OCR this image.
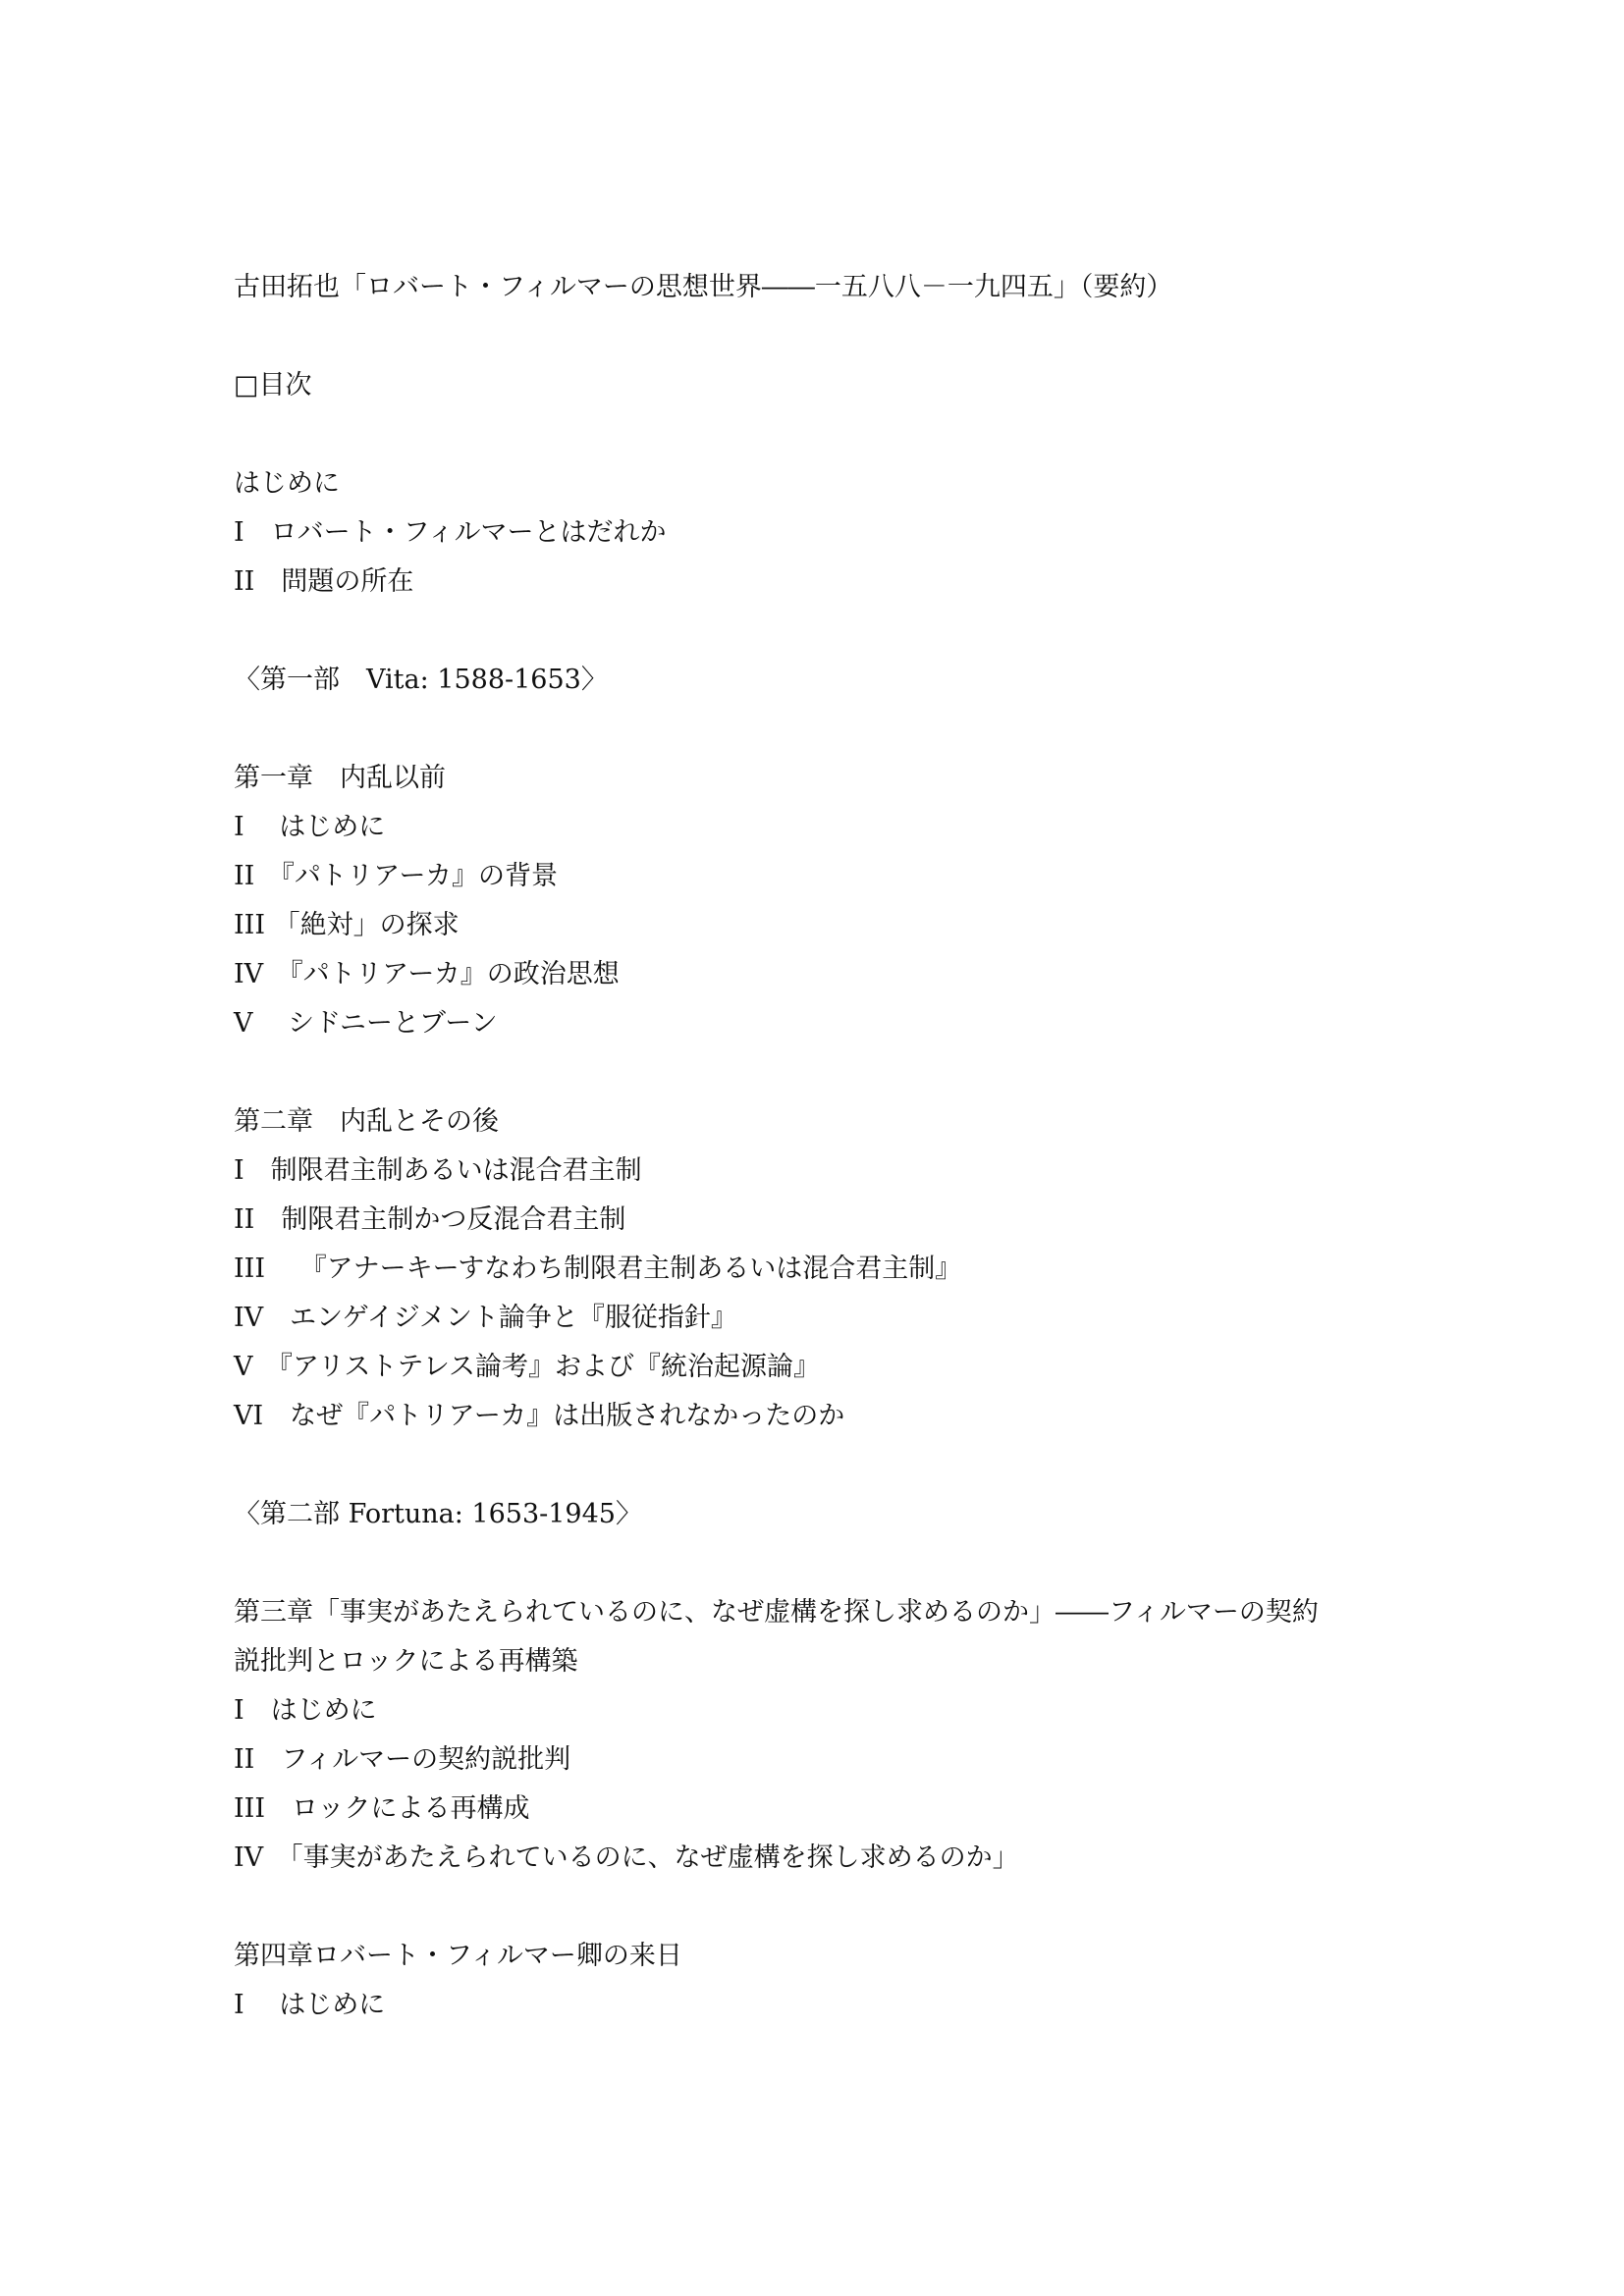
古田拓也「ロバート・フィルマーの思想世界――一五八八－一九四五」（要約）
□目次
はじめに
I　ロバート・フィルマーとはだれか
II　問題の所在
〈第一部　Vita: 1588-1653〉
第一章　内乱以前
I　 はじめに
II　『パトリアーカ』の背景
III 「絶対」の探求
IV　『パトリアーカ』の政治思想
V　 シドニーとブーン
第二章　内乱とその後
I　制限君主制あるいは混合君主制
II　制限君主制かつ反混合君主制
III　 『アナーキーすなわち制限君主制あるいは混合君主制』
IV　エンゲイジメント論争と『服従指針』
V　『アリストテレス論考』および『統治起源論』
VI　なぜ『パトリアーカ』は出版されなかったのか
〈第二部 Fortuna: 1653-1945〉
第三章「事実があたえられているのに、なぜ虚構を探し求めるのか」――フィルマーの契約
説批判とロックによる再構築
I　はじめに
II　フィルマーの契約説批判
III　ロックによる再構成
IV　「事実があたえられているのに、なぜ虚構を探し求めるのか」
第四章ロバート・フィルマー卿の来日
I　 はじめに
